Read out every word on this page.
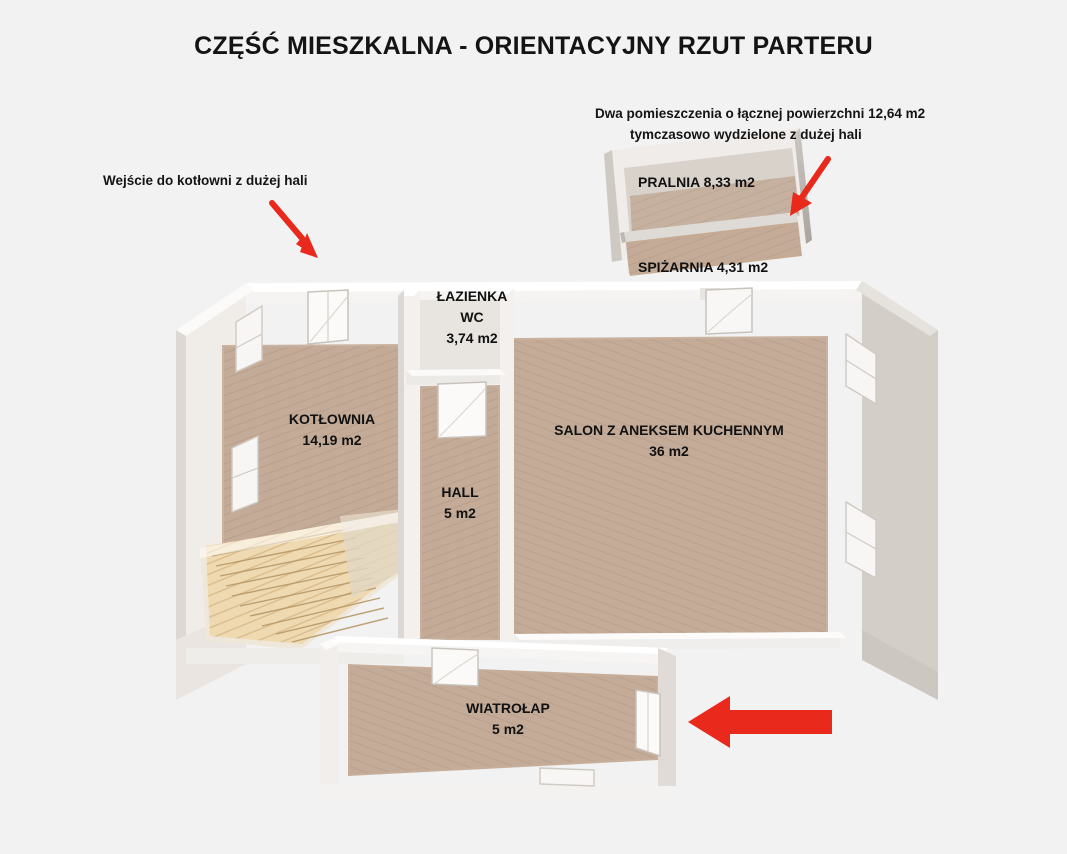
CZĘŚĆ MIESZKALNA - ORIENTACYJNY RZUT PARTERU
Wejście do kotłowni z dużej hali
Dwa pomieszczenia o łącznej powierzchni 12,64 m2
tymczasowo wydzielone z dużej hali
PRALNIA 8,33 m2
SPIŻARNIA 4,31 m2
ŁAZIENKA
WC
3,74 m2
KOTŁOWNIA
14,19 m2
SALON Z ANEKSEM KUCHENNYM
36 m2
HALL
5 m2
WIATROŁAP
5 m2
